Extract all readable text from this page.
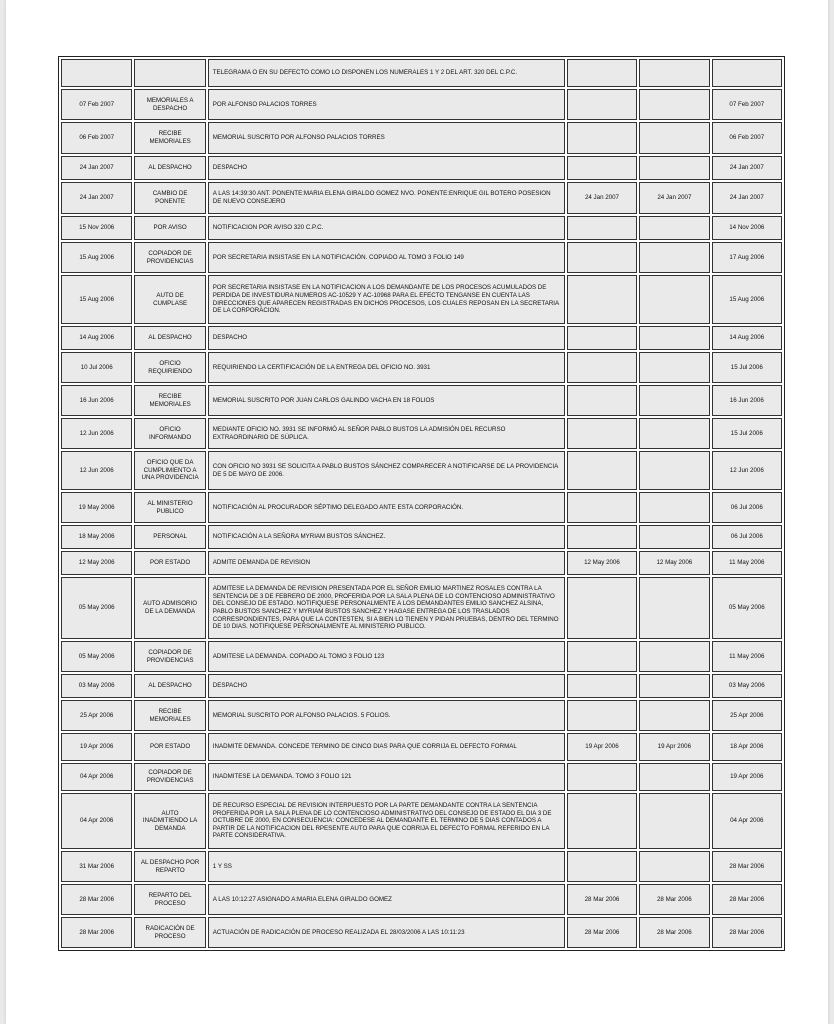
		TELEGRAMA O EN SU DEFECTO COMO LO DISPONEN LOS NUMERALES 1 Y 2 DEL ART. 320 DEL C.P.C.			
07 Feb 2007	MEMORIALES A DESPACHO	POR ALFONSO PALACIOS TORRES			07 Feb 2007
06 Feb 2007	RECIBE MEMORIALES	MEMORIAL SUSCRITO POR ALFONSO PALACIOS TORRES			06 Feb 2007
24 Jan 2007	AL DESPACHO	DESPACHO			24 Jan 2007
24 Jan 2007	CAMBIO DE PONENTE	A LAS 14:39:30 ANT. PONENTE:MARIA ELENA GIRALDO GOMEZ NVO. PONENTE:ENRIQUE GIL BOTERO POSESION DE NUEVO CONSEJERO	24 Jan 2007	24 Jan 2007	24 Jan 2007
15 Nov 2006	POR AVISO	NOTIFICACION POR AVISO 320 C.P.C.			14 Nov 2006
15 Aug 2006	COPIADOR DE PROVIDENCIAS	POR SECRETARIA INSISTASE EN LA NOTIFICACIÓN. COPIADO AL TOMO 3 FOLIO 149			17 Aug 2006
15 Aug 2006	AUTO DE CUMPLASE	POR SECRETARIA INSISTASE EN LA NOTIFICACION A LOS DEMANDANTE DE LOS PROCESOS ACUMULADOS DE PERDIDA DE INVESTIDURA NUMEROS AC-10529 Y AC-10968 PARA EL EFECTO TENGANSE EN CUENTA LAS DIRECCIONES QUE APARECEN REGISTRADAS EN DICHOS PROCESOS, LOS CUALES REPOSAN EN LA SECRETARIA DE LA CORPORACION.			15 Aug 2006
14 Aug 2006	AL DESPACHO	DESPACHO			14 Aug 2006
10 Jul 2006	OFICIO REQUIRIENDO	REQUIRIENDO LA CERTIFICACIÓN DE LA ENTREGA DEL OFICIO NO. 3931			15 Jul 2006
16 Jun 2006	RECIBE MEMORIALES	MEMORIAL SUSCRITO POR JUAN CARLOS GALINDO VACHA EN 18 FOLIOS			16 Jun 2006
12 Jun 2006	OFICIO INFORMANDO	MEDIANTE OFICIO NO. 3931 SE INFORMÓ AL SEÑOR PABLO BUSTOS LA ADMISIÓN DEL RECURSO EXTRAORDINARIO DE SÚPLICA.			15 Jul 2006
12 Jun 2006	OFICIO QUE DA CUMPLIMIENTO A UNA PROVIDENCIA	CON OFICIO NO 3931 SE SOLICITA A PABLO BUSTOS SÁNCHEZ COMPARECER A NOTIFICARSE DE LA PROVIDENCIA DE 5 DE MAYO DE 2006.			12 Jun 2006
19 May 2006	AL MINISTERIO PUBLICO	NOTIFICACIÓN AL PROCURADOR SÉPTIMO DELEGADO ANTE ESTA CORPORACIÓN.			06 Jul 2006
18 May 2006	PERSONAL	NOTIFICACIÓN A LA SEÑORA MYRIAM BUSTOS SÁNCHEZ.			06 Jul 2006
12 May 2006	POR ESTADO	ADMITE DEMANDA DE REVISION	12 May 2006	12 May 2006	11 May 2006
05 May 2006	AUTO ADMISORIO DE LA DEMANDA	ADMITESE LA DEMANDA DE REVISION PRESENTADA POR EL SEÑOR EMILIO MARTINEZ ROSALES CONTRA LA SENTENCIA DE 3 DE FEBRERO DE 2000, PROFERIDA POR LA SALA PLENA DE LO CONTENCIOSO ADMINISTRATIVO DEL CONSEJO DE ESTADO. NOTIFIQUESE PERSONALMENTE A LOS DEMANDANTES EMILIO SANCHEZ ALSINA, PABLO BUSTOS SANCHEZ Y MYRIAM BUSTOS SANCHEZ Y HAGASE ENTREGA DE LOS TRASLADOS CORRESPONDIENTES, PARA QUE LA CONTESTEN, SI A BIEN LO TIENEN Y PIDAN PRUEBAS, DENTRO DEL TERMINO DE 10 DIAS. NOTIFIQUESE PERSONALMENTE AL MINISTERIO PUBLICO.			05 May 2006
05 May 2006	COPIADOR DE PROVIDENCIAS	ADMITESE LA DEMANDA. COPIADO AL TOMO 3 FOLIO 123			11 May 2006
03 May 2006	AL DESPACHO	DESPACHO			03 May 2006
25 Apr 2006	RECIBE MEMORIALES	MEMORIAL SUSCRITO POR ALFONSO PALACIOS. 5 FOLIOS.			25 Apr 2006
19 Apr 2006	POR ESTADO	INADMITE DEMANDA. CONCEDE TERMINO DE CINCO DIAS PARA QUE CORRIJA EL DEFECTO FORMAL	19 Apr 2006	19 Apr 2006	18 Apr 2006
04 Apr 2006	COPIADOR DE PROVIDENCIAS	INADMITESE LA DEMANDA. TOMO 3 FOLIO 121			19 Apr 2006
04 Apr 2006	AUTO INADMITIENDO LA DEMANDA	DE RECURSO ESPECIAL DE REVISION INTERPUESTO POR LA PARTE DEMANDANTE CONTRA LA SENTENCIA PROFERIDA POR LA SALA PLENA DE LO CONTENCIOSO ADMINISTRATIVO DEL CONSEJO DE ESTADO EL DIA 3 DE OCTUBRE DE 2000, EN CONSECUENCIA: CONCEDESE AL DEMANDANTE EL TERMINO DE 5 DIAS CONTADOS A PARTIR DE LA NOTIFICACION DEL RPESENTE AUTO PARA QUE CORRIJA EL DEFECTO FORMAL REFERIDO EN LA PARTE CONSIDERATIVA.			04 Apr 2006
31 Mar 2006	AL DESPACHO POR REPARTO	1 Y SS			28 Mar 2006
28 Mar 2006	REPARTO DEL PROCESO	A LAS 10:12:27 ASIGNADO A:MARIA ELENA GIRALDO GOMEZ	28 Mar 2006	28 Mar 2006	28 Mar 2006
28 Mar 2006	RADICACIÓN DE PROCESO	ACTUACIÓN DE RADICACIÓN DE PROCESO REALIZADA EL 28/03/2006 A LAS 10:11:23	28 Mar 2006	28 Mar 2006	28 Mar 2006
